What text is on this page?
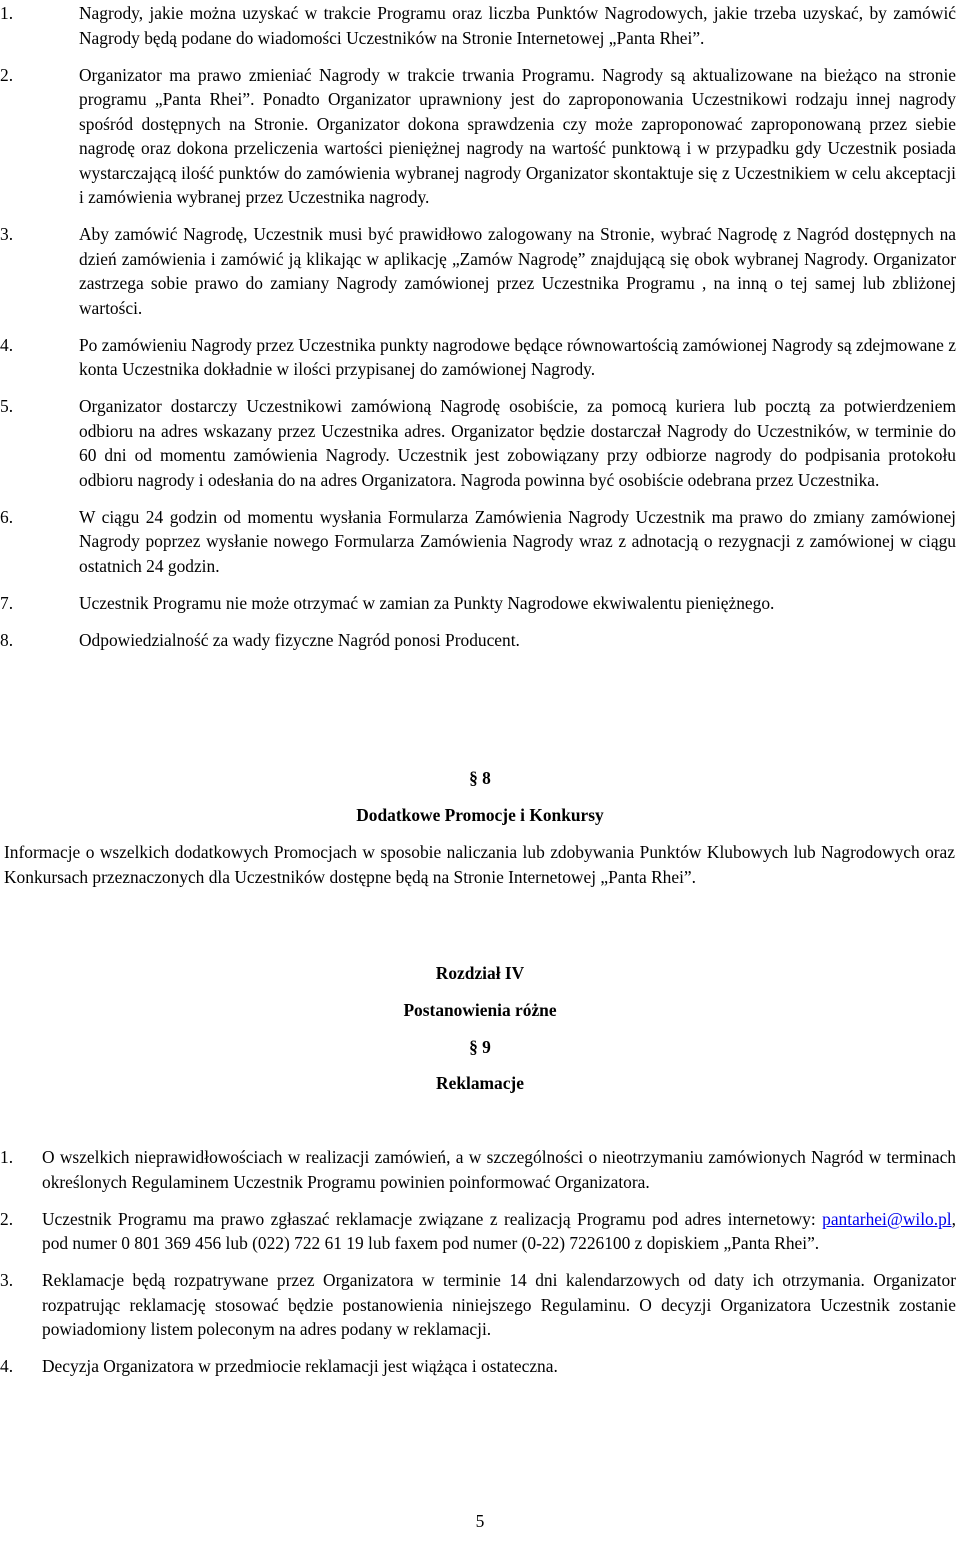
1.	Nagrody, jakie można uzyskać w trakcie Programu oraz liczba Punktów Nagrodowych, jakie trzeba uzyskać, by zamówić Nagrody będą podane do wiadomości Uczestników na Stronie Internetowej „Panta Rhei”.
2.	Organizator ma prawo zmieniać Nagrody w trakcie trwania Programu. Nagrody są aktualizowane na bieżąco na stronie programu „Panta Rhei”. Ponadto Organizator uprawniony jest do zaproponowania Uczestnikowi rodzaju innej nagrody spośród dostępnych na Stronie. Organizator dokona sprawdzenia czy może zaproponować zaproponowaną przez siebie nagrodę oraz dokona przeliczenia wartości pieniężnej nagrody na wartość punktową i w przypadku gdy Uczestnik posiada wystarczającą ilość punktów do zamówienia wybranej nagrody Organizator skontaktuje się z Uczestnikiem w celu akceptacji i zamówienia wybranej przez Uczestnika nagrody.
3.	Aby zamówić Nagrodę, Uczestnik musi być prawidłowo zalogowany na Stronie, wybrać Nagrodę z Nagród dostępnych na dzień zamówienia i zamówić ją klikając w aplikację „Zamów Nagrodę” znajdującą się obok wybranej Nagrody. Organizator zastrzega sobie prawo do zamiany Nagrody zamówionej przez Uczestnika Programu , na inną o tej samej lub zbliżonej wartości.
4.	Po zamówieniu Nagrody przez Uczestnika punkty nagrodowe będące równowartością zamówionej Nagrody są zdejmowane z konta Uczestnika dokładnie w ilości przypisanej do zamówionej Nagrody.
5.	Organizator dostarczy Uczestnikowi zamówioną Nagrodę osobiście, za pomocą kuriera lub pocztą za potwierdzeniem odbioru na adres wskazany przez Uczestnika adres. Organizator będzie dostarczał Nagrody do Uczestników, w terminie do 60 dni od momentu zamówienia Nagrody. Uczestnik jest zobowiązany przy odbiorze nagrody do podpisania protokołu odbioru nagrody i odesłania do na adres Organizatora. Nagroda powinna być osobiście odebrana przez Uczestnika.
6.	W ciągu 24 godzin od momentu wysłania Formularza Zamówienia Nagrody Uczestnik ma prawo do zmiany zamówionej Nagrody poprzez wysłanie nowego Formularza Zamówienia Nagrody wraz z adnotacją o rezygnacji z zamówionej w ciągu ostatnich 24 godzin.
7.	Uczestnik Programu nie może otrzymać w zamian za Punkty Nagrodowe ekwiwalentu pieniężnego.
8.	Odpowiedzialność za wady fizyczne Nagród ponosi Producent.
§ 8
Dodatkowe Promocje i Konkursy
Informacje o wszelkich dodatkowych Promocjach w sposobie naliczania lub zdobywania Punktów Klubowych lub Nagrodowych oraz Konkursach przeznaczonych dla Uczestników dostępne będą na Stronie Internetowej „Panta Rhei”.
Rozdział IV
Postanowienia różne
§ 9
Reklamacje
1. O wszelkich nieprawidłowościach w realizacji zamówień, a w szczególności o nieotrzymaniu zamówionych Nagród w terminach określonych Regulaminem Uczestnik Programu powinien poinformować Organizatora.
2. Uczestnik Programu ma prawo zgłaszać reklamacje związane z realizacją Programu pod adres internetowy: pantarhei@wilo.pl, pod numer 0 801 369 456 lub (022) 722 61 19 lub faxem pod numer (0-22) 7226100 z dopiskiem „Panta Rhei”.
3. Reklamacje będą rozpatrywane przez Organizatora w terminie 14 dni kalendarzowych od daty ich otrzymania. Organizator rozpatrując reklamację stosować będzie postanowienia niniejszego Regulaminu. O decyzji Organizatora Uczestnik zostanie powiadomiony listem poleconym na adres podany w reklamacji.
4. Decyzja Organizatora w przedmiocie reklamacji jest wiążąca i ostateczna.
5
